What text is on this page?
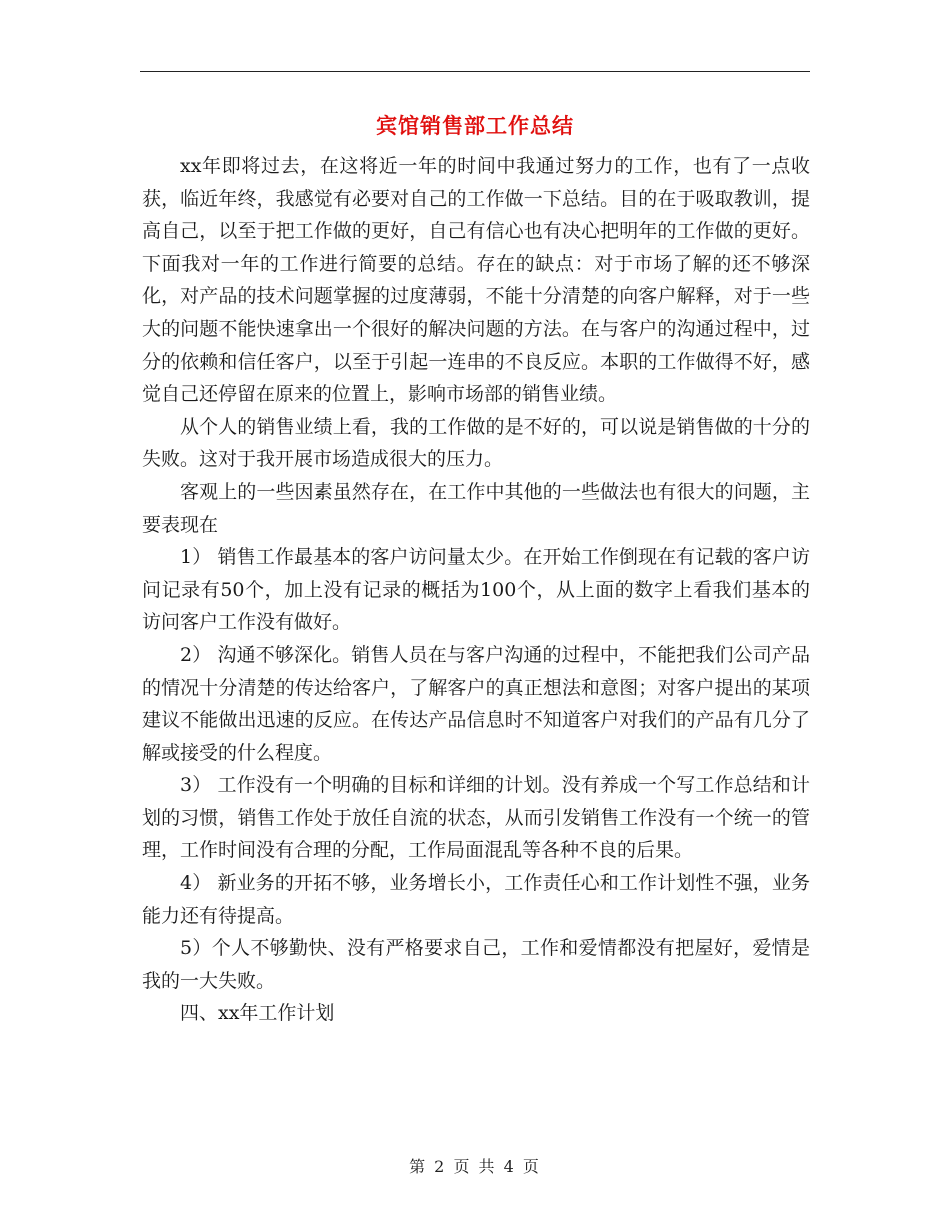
宾馆销售部工作总结

xx年即将过去，在这将近一年的时间中我通过努力的工作，也有了一点收获，临近年终，我感觉有必要对自己的工作做一下总结。目的在于吸取教训，提高自己，以至于把工作做的更好，自己有信心也有决心把明年的工作做的更好。下面我对一年的工作进行简要的总结。存在的缺点：对于市场了解的还不够深化，对产品的技术问题掌握的过度薄弱，不能十分清楚的向客户解释，对于一些大的问题不能快速拿出一个很好的解决问题的方法。在与客户的沟通过程中，过分的依赖和信任客户，以至于引起一连串的不良反应。本职的工作做得不好，感觉自己还停留在原来的位置上，影响市场部的销售业绩。

从个人的销售业绩上看，我的工作做的是不好的，可以说是销售做的十分的失败。这对于我开展市场造成很大的压力。

客观上的一些因素虽然存在，在工作中其他的一些做法也有很大的问题，主要表现在

1） 销售工作最基本的客户访问量太少。在开始工作倒现在有记载的客户访问记录有50个，加上没有记录的概括为100个，从上面的数字上看我们基本的访问客户工作没有做好。

2） 沟通不够深化。销售人员在与客户沟通的过程中，不能把我们公司产品的情况十分清楚的传达给客户，了解客户的真正想法和意图；对客户提出的某项建议不能做出迅速的反应。在传达产品信息时不知道客户对我们的产品有几分了解或接受的什么程度。

3） 工作没有一个明确的目标和详细的计划。没有养成一个写工作总结和计划的习惯，销售工作处于放任自流的状态，从而引发销售工作没有一个统一的管理，工作时间没有合理的分配，工作局面混乱等各种不良的后果。

4） 新业务的开拓不够，业务增长小，工作责任心和工作计划性不强，业务能力还有待提高。

5）个人不够勤快、没有严格要求自己，工作和爱情都没有把屋好，爱情是我的一大失败。

四、xx年工作计划

第 2 页 共 4 页
